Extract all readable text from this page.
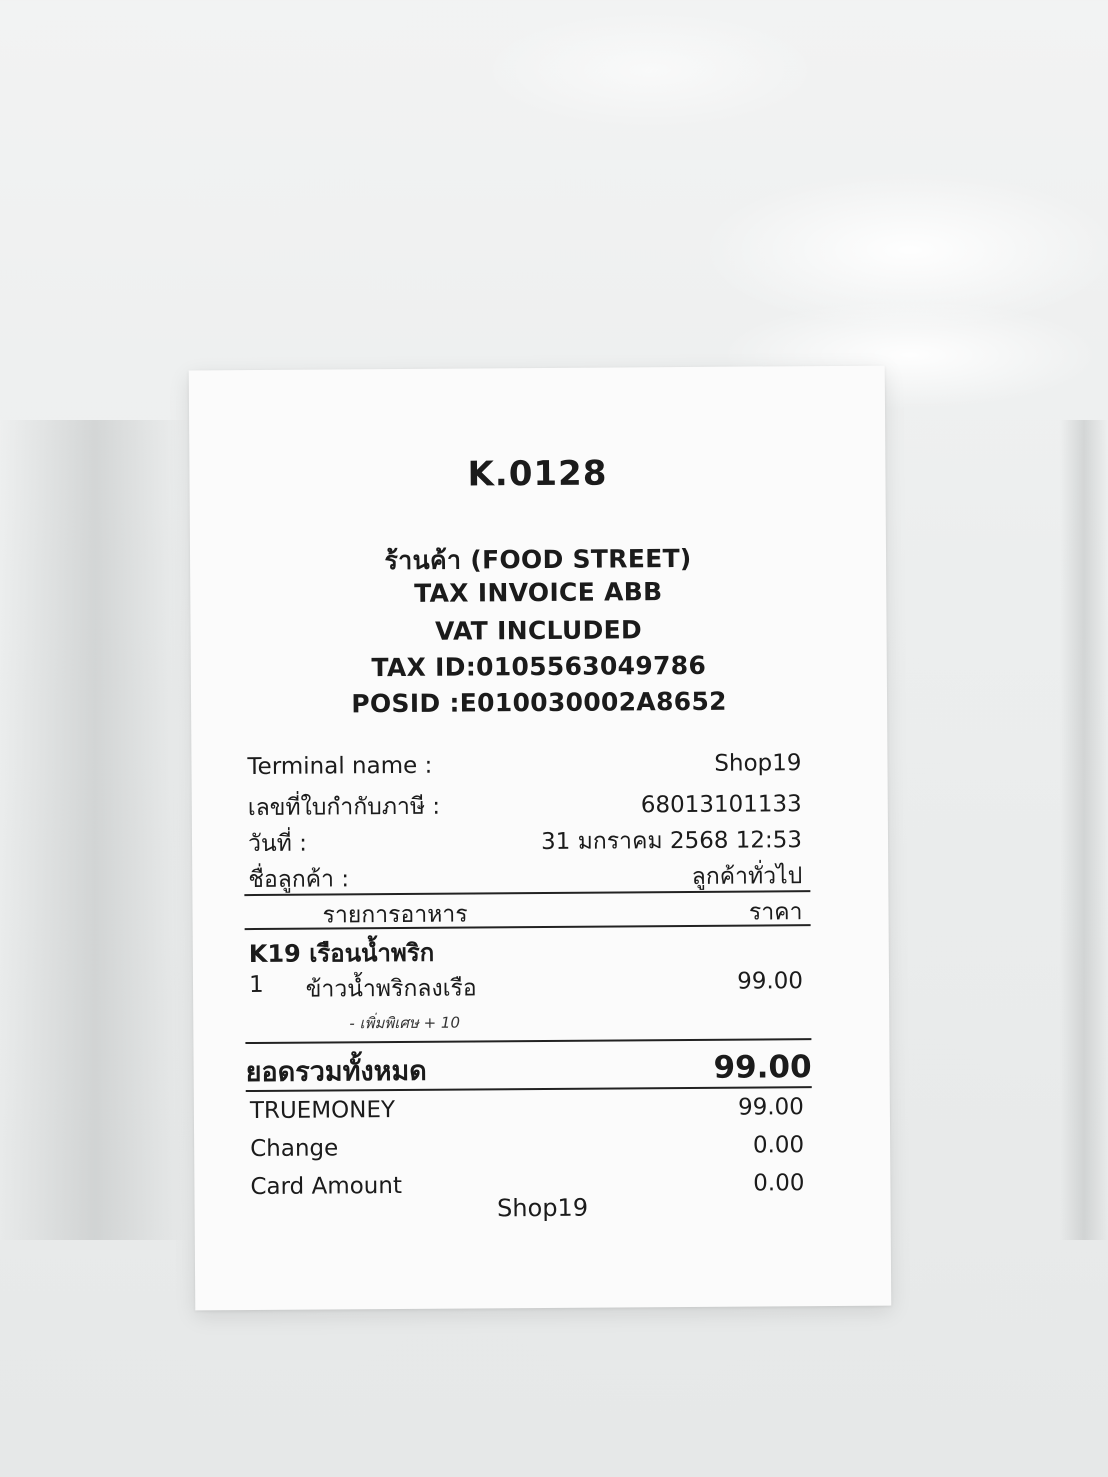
K.0128
ร้านค้า (FOOD STREET)
TAX INVOICE ABB
VAT INCLUDED
TAX ID:0105563049786
POSID :E010030002A8652
Terminal name :	Shop19
เลขที่ใบกำกับภาษี :	68013101133
วันที่ :	31 มกราคม 2568 12:53
ชื่อลูกค้า :	ลูกค้าทั่วไป
รายการอาหาร	ราคา
K19 เรือนน้ำพริก
1 ข้าวน้ำพริกลงเรือ	99.00
- เพิ่มพิเศษ + 10
ยอดรวมทั้งหมด	99.00
TRUEMONEY	99.00
Change	0.00
Card Amount	0.00
Shop19
